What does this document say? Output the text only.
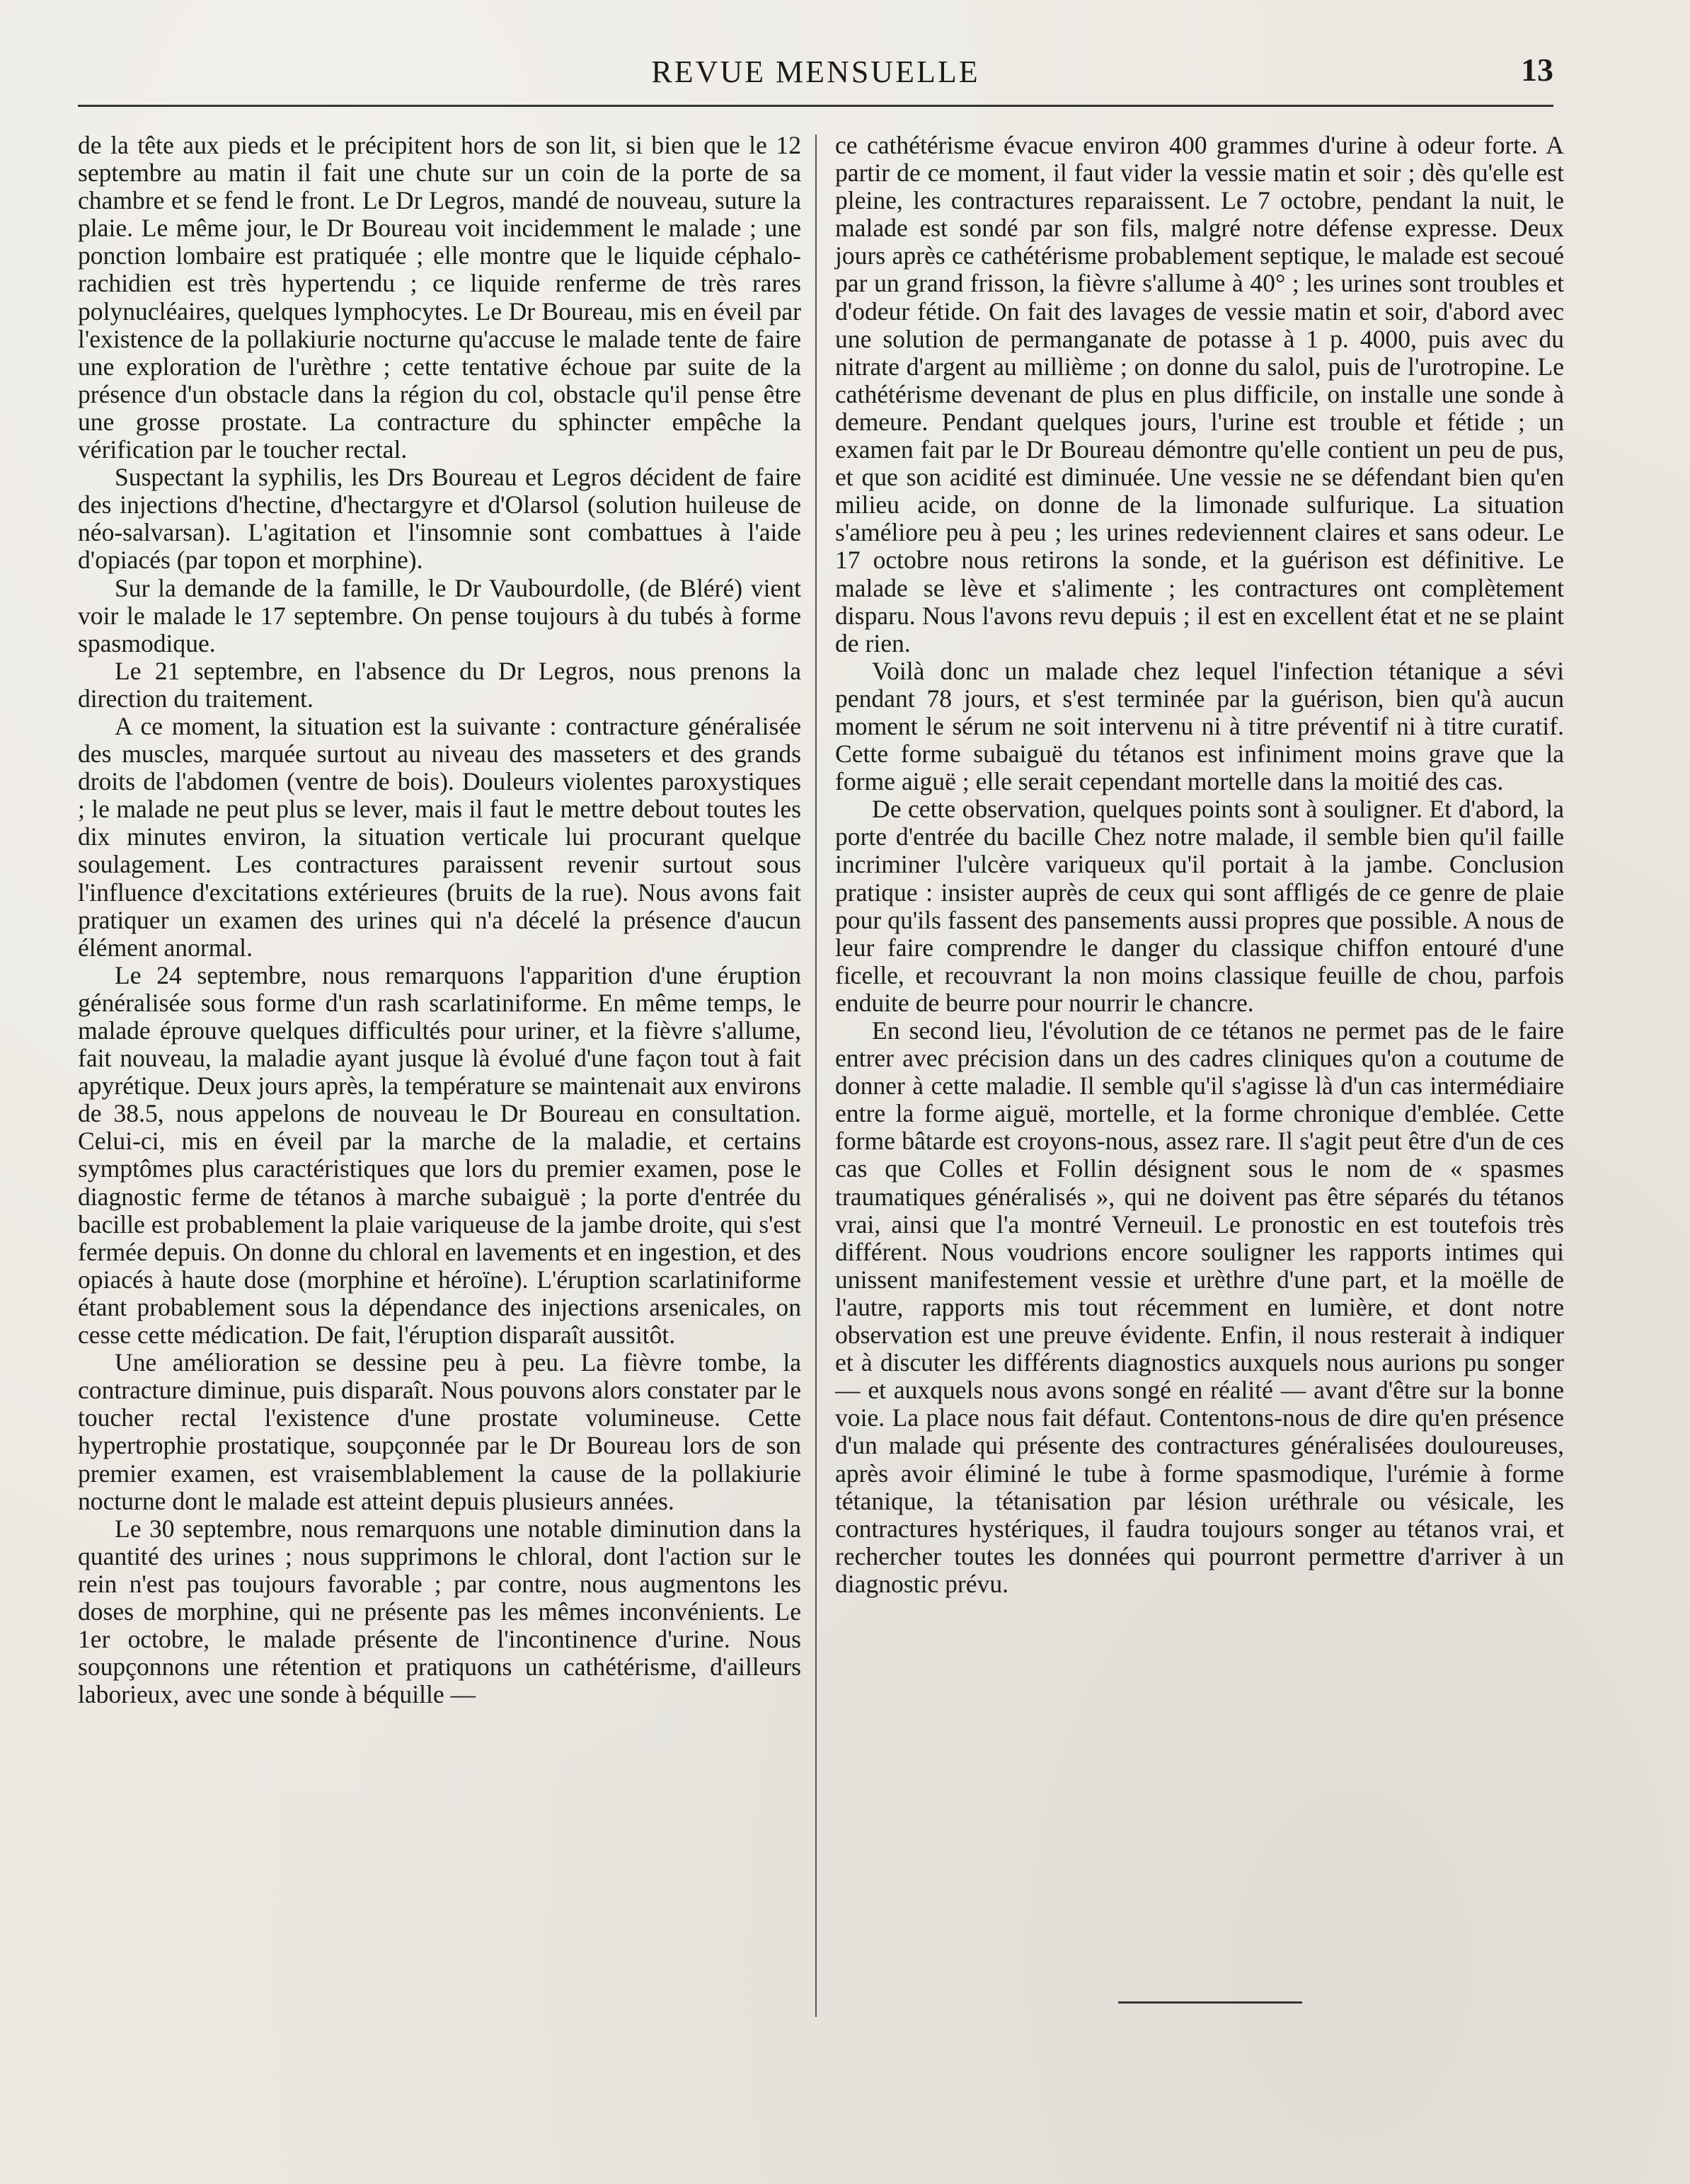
REVUE MENSUELLE	13

de la tête aux pieds et le précipitent hors de son lit, si bien que le 12 septembre au matin il fait une chute sur un coin de la porte de sa chambre et se fend le front. Le Dr Legros, mandé de nouveau, suture la plaie. Le même jour, le Dr Boureau voit incidemment le malade ; une ponction lombaire est pratiquée ; elle montre que le liquide céphalo-rachidien est très hypertendu ; ce liquide renferme de très rares polynucléaires, quelques lymphocytes. Le Dr Boureau, mis en éveil par l'existence de la pollakiurie nocturne qu'accuse le malade tente de faire une exploration de l'urèthre ; cette tentative échoue par suite de la présence d'un obstacle dans la région du col, obstacle qu'il pense être une grosse prostate. La contracture du sphincter empêche la vérification par le toucher rectal.

Suspectant la syphilis, les Drs Boureau et Legros décident de faire des injections d'hectine, d'hectargyre et d'Olarsol (solution huileuse de néo-salvarsan). L'agitation et l'insomnie sont combattues à l'aide d'opiacés (par topon et morphine).

Sur la demande de la famille, le Dr Vaubourdolle, (de Bléré) vient voir le malade le 17 septembre. On pense toujours à du tubés à forme spasmodique.

Le 21 septembre, en l'absence du Dr Legros, nous prenons la direction du traitement.

A ce moment, la situation est la suivante : contracture généralisée des muscles, marquée surtout au niveau des masseters et des grands droits de l'abdomen (ventre de bois). Douleurs violentes paroxystiques ; le malade ne peut plus se lever, mais il faut le mettre debout toutes les dix minutes environ, la situation verticale lui procurant quelque soulagement. Les contractures paraissent revenir surtout sous l'influence d'excitations extérieures (bruits de la rue). Nous avons fait pratiquer un examen des urines qui n'a décelé la présence d'aucun élément anormal.

Le 24 septembre, nous remarquons l'apparition d'une éruption généralisée sous forme d'un rash scarlatiniforme. En même temps, le malade éprouve quelques difficultés pour uriner, et la fièvre s'allume, fait nouveau, la maladie ayant jusque là évolué d'une façon tout à fait apyrétique. Deux jours après, la température se maintenait aux environs de 38.5, nous appelons de nouveau le Dr Boureau en consultation. Celui-ci, mis en éveil par la marche de la maladie, et certains symptômes plus caractéristiques que lors du premier examen, pose le diagnostic ferme de tétanos à marche subaiguë ; la porte d'entrée du bacille est probablement la plaie variqueuse de la jambe droite, qui s'est fermée depuis. On donne du chloral en lavements et en ingestion, et des opiacés à haute dose (morphine et héroïne). L'éruption scarlatiniforme étant probablement sous la dépendance des injections arsenicales, on cesse cette médication. De fait, l'éruption disparaît aussitôt.

Une amélioration se dessine peu à peu. La fièvre tombe, la contracture diminue, puis disparaît. Nous pouvons alors constater par le toucher rectal l'existence d'une prostate volumineuse. Cette hypertrophie prostatique, soupçonnée par le Dr Boureau lors de son premier examen, est vraisemblablement la cause de la pollakiurie nocturne dont le malade est atteint depuis plusieurs années.

Le 30 septembre, nous remarquons une notable diminution dans la quantité des urines ; nous supprimons le chloral, dont l'action sur le rein n'est pas toujours favorable ; par contre, nous augmentons les doses de morphine, qui ne présente pas les mêmes inconvénients. Le 1er octobre, le malade présente de l'incontinence d'urine. Nous soupçonnons une rétention et pratiquons un cathétérisme, d'ailleurs laborieux, avec une sonde à béquille —

ce cathétérisme évacue environ 400 grammes d'urine à odeur forte. A partir de ce moment, il faut vider la vessie matin et soir ; dès qu'elle est pleine, les contractures reparaissent. Le 7 octobre, pendant la nuit, le malade est sondé par son fils, malgré notre défense expresse. Deux jours après ce cathétérisme probablement septique, le malade est secoué par un grand frisson, la fièvre s'allume à 40° ; les urines sont troubles et d'odeur fétide. On fait des lavages de vessie matin et soir, d'abord avec une solution de permanganate de potasse à 1 p. 4000, puis avec du nitrate d'argent au millième ; on donne du salol, puis de l'urotropine. Le cathétérisme devenant de plus en plus difficile, on installe une sonde à demeure. Pendant quelques jours, l'urine est trouble et fétide ; un examen fait par le Dr Boureau démontre qu'elle contient un peu de pus, et que son acidité est diminuée. Une vessie ne se défendant bien qu'en milieu acide, on donne de la limonade sulfurique. La situation s'améliore peu à peu ; les urines redeviennent claires et sans odeur. Le 17 octobre nous retirons la sonde, et la guérison est définitive. Le malade se lève et s'alimente ; les contractures ont complètement disparu. Nous l'avons revu depuis ; il est en excellent état et ne se plaint de rien.

Voilà donc un malade chez lequel l'infection tétanique a sévi pendant 78 jours, et s'est terminée par la guérison, bien qu'à aucun moment le sérum ne soit intervenu ni à titre préventif ni à titre curatif. Cette forme subaiguë du tétanos est infiniment moins grave que la forme aiguë ; elle serait cependant mortelle dans la moitié des cas.

De cette observation, quelques points sont à souligner. Et d'abord, la porte d'entrée du bacille Chez notre malade, il semble bien qu'il faille incriminer l'ulcère variqueux qu'il portait à la jambe. Conclusion pratique : insister auprès de ceux qui sont affligés de ce genre de plaie pour qu'ils fassent des pansements aussi propres que possible. A nous de leur faire comprendre le danger du classique chiffon entouré d'une ficelle, et recouvrant la non moins classique feuille de chou, parfois enduite de beurre pour nourrir le chancre.

En second lieu, l'évolution de ce tétanos ne permet pas de le faire entrer avec précision dans un des cadres cliniques qu'on a coutume de donner à cette maladie. Il semble qu'il s'agisse là d'un cas intermédiaire entre la forme aiguë, mortelle, et la forme chronique d'emblée. Cette forme bâtarde est croyons-nous, assez rare. Il s'agit peut être d'un de ces cas que Colles et Follin désignent sous le nom de « spasmes traumatiques généralisés », qui ne doivent pas être séparés du tétanos vrai, ainsi que l'a montré Verneuil. Le pronostic en est toutefois très différent. Nous voudrions encore souligner les rapports intimes qui unissent manifestement vessie et urèthre d'une part, et la moëlle de l'autre, rapports mis tout récemment en lumière, et dont notre observation est une preuve évidente. Enfin, il nous resterait à indiquer et à discuter les différents diagnostics auxquels nous aurions pu songer — et auxquels nous avons songé en réalité — avant d'être sur la bonne voie. La place nous fait défaut. Contentons-nous de dire qu'en présence d'un malade qui présente des contractures généralisées douloureuses, après avoir éliminé le tube à forme spasmodique, l'urémie à forme tétanique, la tétanisation par lésion uréthrale ou vésicale, les contractures hystériques, il faudra toujours songer au tétanos vrai, et rechercher toutes les données qui pourront permettre d'arriver à un diagnostic prévu.
